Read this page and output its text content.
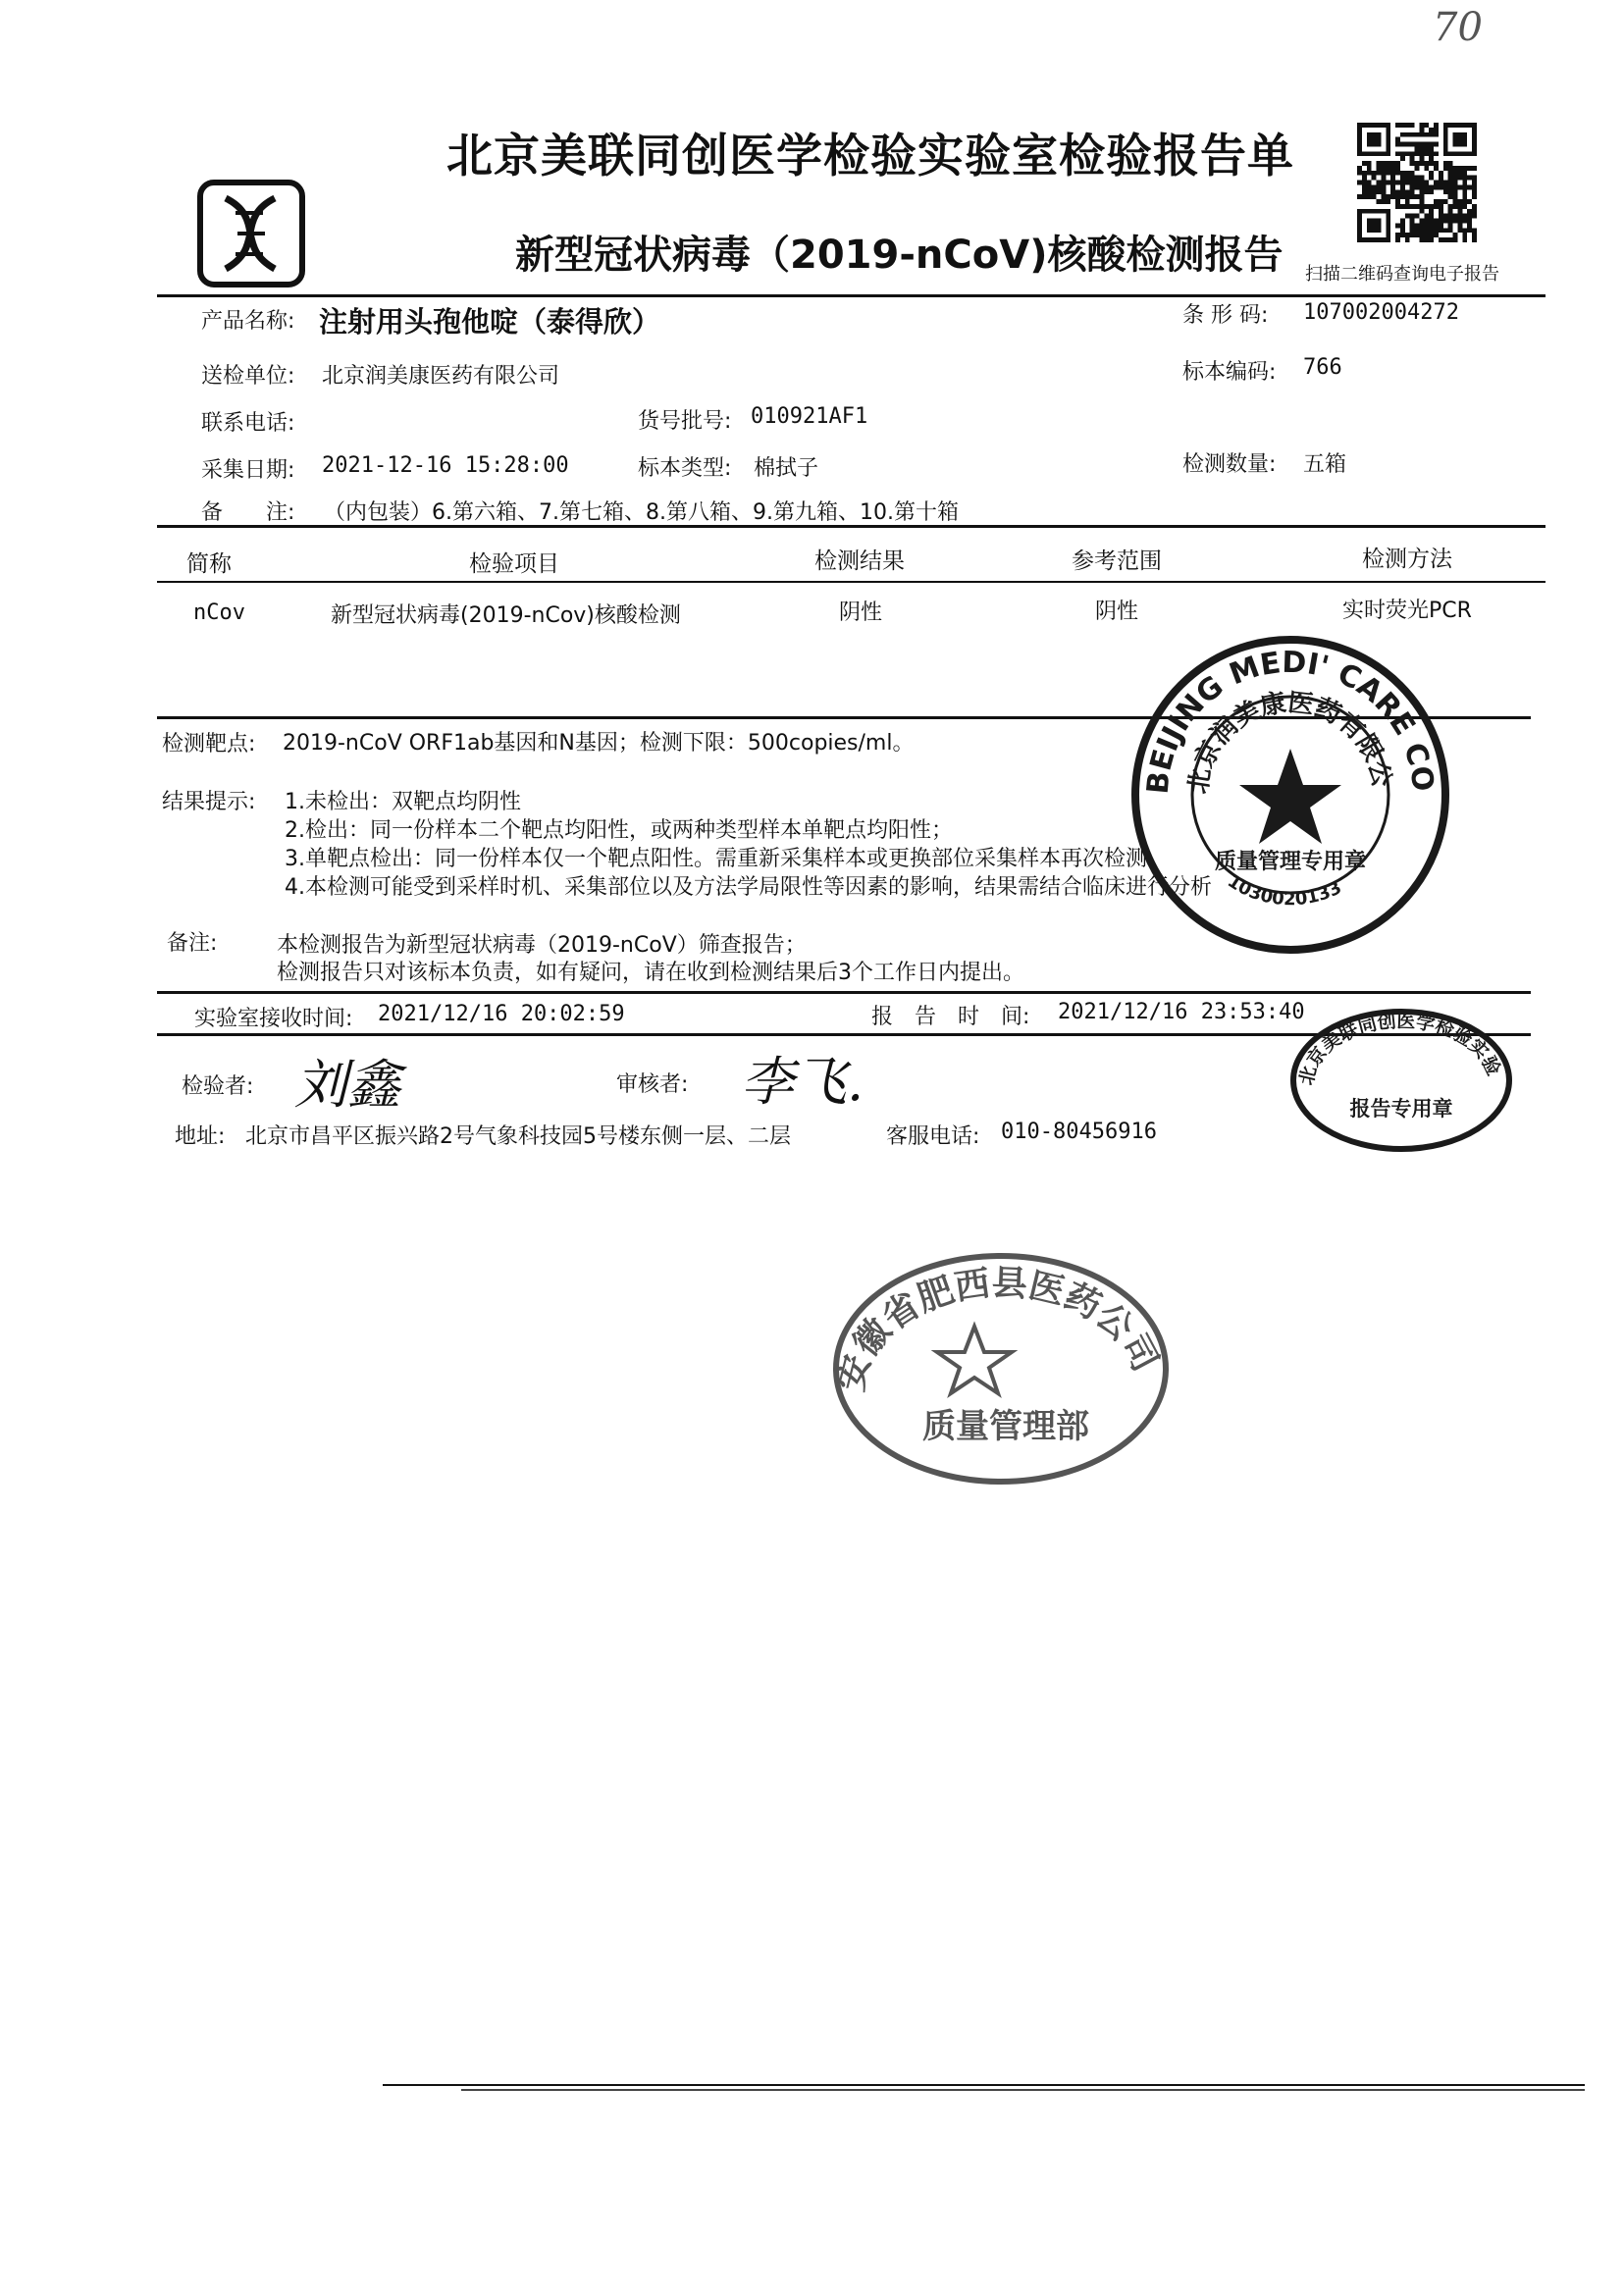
70
北京美联同创医学检验实验室检验报告单
新型冠状病毒（2019-nCoV)核酸检测报告 扫描二维码查询电子报告
产品名称: 注射用头孢他啶（泰得欣）	条 形 码: 107002004272
送检单位: 北京润美康医药有限公司	标本编码: 766
联系电话:	货号批号: 010921AF1
采集日期: 2021-12-16 15:28:00	标本类型: 棉拭子	检测数量: 五箱
备　　注: （内包装）6.第六箱、7.第七箱、8.第八箱、9.第九箱、10.第十箱
简称	检验项目	检测结果	参考范围	检测方法
nCov	新型冠状病毒(2019-nCov)核酸检测	阴性	阴性	实时荧光PCR
检测靶点: 2019-nCoV ORF1ab基因和N基因；检测下限：500copies/ml。
结果提示: 1.未检出：双靶点均阴性
2.检出：同一份样本二个靶点均阳性，或两种类型样本单靶点均阳性；
3.单靶点检出：同一份样本仅一个靶点阳性。需重新采集样本或更换部位采集样本再次检测
4.本检测可能受到采样时机、采集部位以及方法学局限性等因素的影响，结果需结合临床进行分析
备注:	本检测报告为新型冠状病毒（2019-nCoV）筛查报告；
检测报告只对该标本负责，如有疑问，请在收到检测结果后3个工作日内提出。
实验室接收时间: 2021/12/16 20:02:59	报　告　时　间: 2021/12/16 23:53:40
检验者: 刘鑫	审核者: 李飞.
地址: 北京市昌平区振兴路2号气象科技园5号楼东侧一层、二层	客服电话: 010-80456916
BEIJING MEDI' CARE CO
北京润美康医药有限公
质量管理专用章
1030020133
北京美联同创医学检验实验
报告专用章
安徽省肥西县医药公司
质量管理部
